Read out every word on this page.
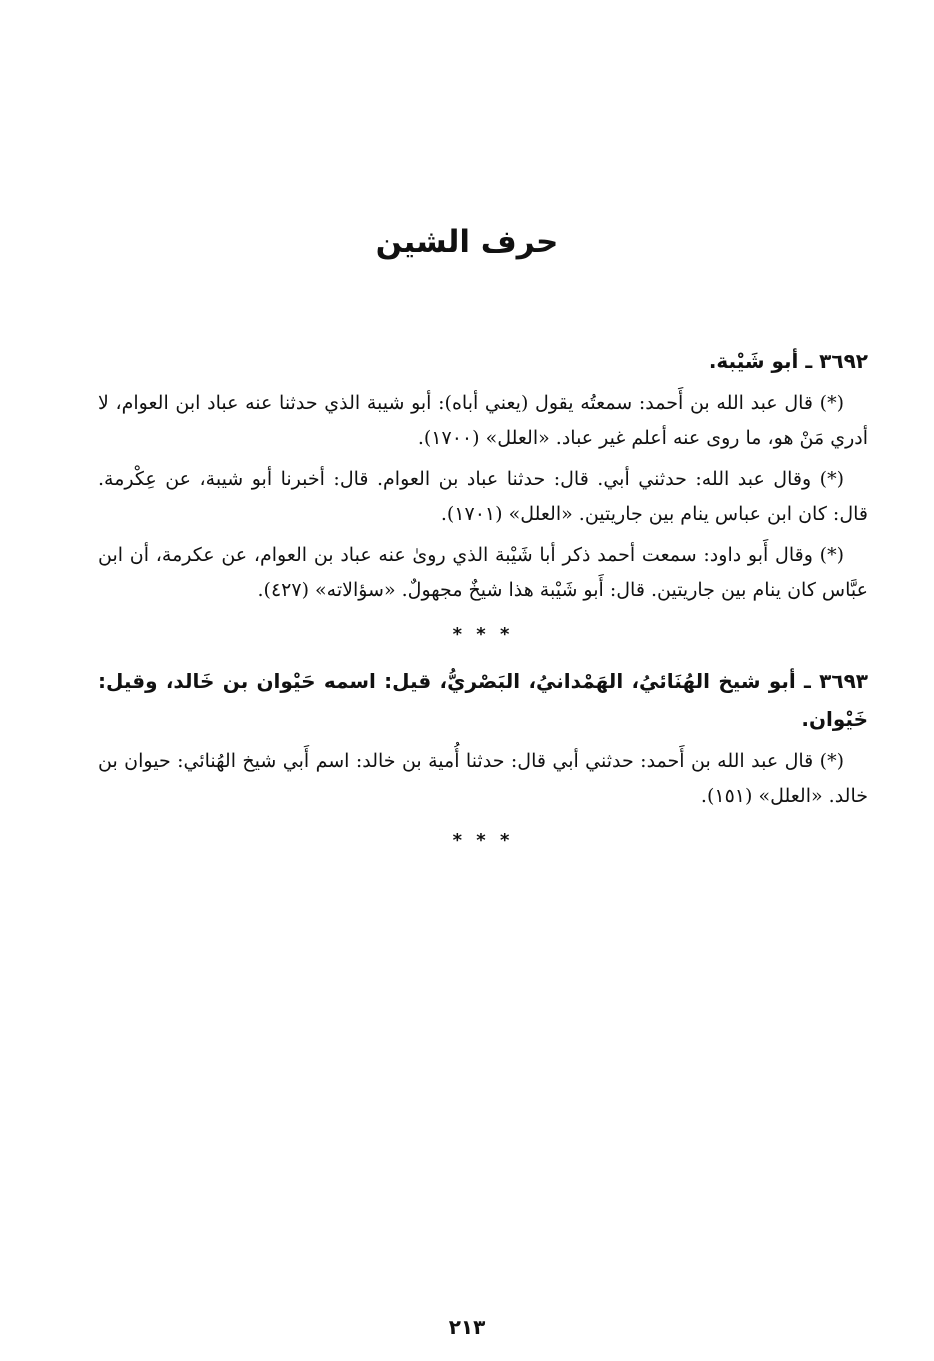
حرف الشين

٣٦٩٢ ـ أبو شَيْبة.

(*) قال عبد الله بن أَحمد: سمعتُه يقول (يعني أباه): أبو شيبة الذي حدثنا عنه عباد ابن العوام، لا أدري مَنْ هو، ما روى عنه أعلم غير عباد. «العلل» (١٧٠٠).

(*) وقال عبد الله: حدثني أبي. قال: حدثنا عباد بن العوام. قال: أخبرنا أبو شيبة، عن عِكْرمة. قال: كان ابن عباس ينام بين جاريتين. «العلل» (١٧٠١).

(*) وقال أَبو داود: سمعت أحمد ذكر أبا شَيْبة الذي روىٰ عنه عباد بن العوام، عن عكرمة، أن ابن عبَّاس كان ينام بين جاريتين. قال: أَبو شَيْبة هذا شيخٌ مجهولٌ. «سؤالاته» (٤٢٧).

* * *

٣٦٩٣ ـ أبو شيخ الهُنَائيُ، الهَمْدانيُ، البَصْريُّ، قيل: اسمه حَيْوان بن خَالد، وقيل: خَيْوان.

(*) قال عبد الله بن أَحمد: حدثني أبي قال: حدثنا أُمية بن خالد: اسم أَبي شيخ الهُنائي: حيوان بن خالد. «العلل» (١٥١).

* * *
٢١٣
